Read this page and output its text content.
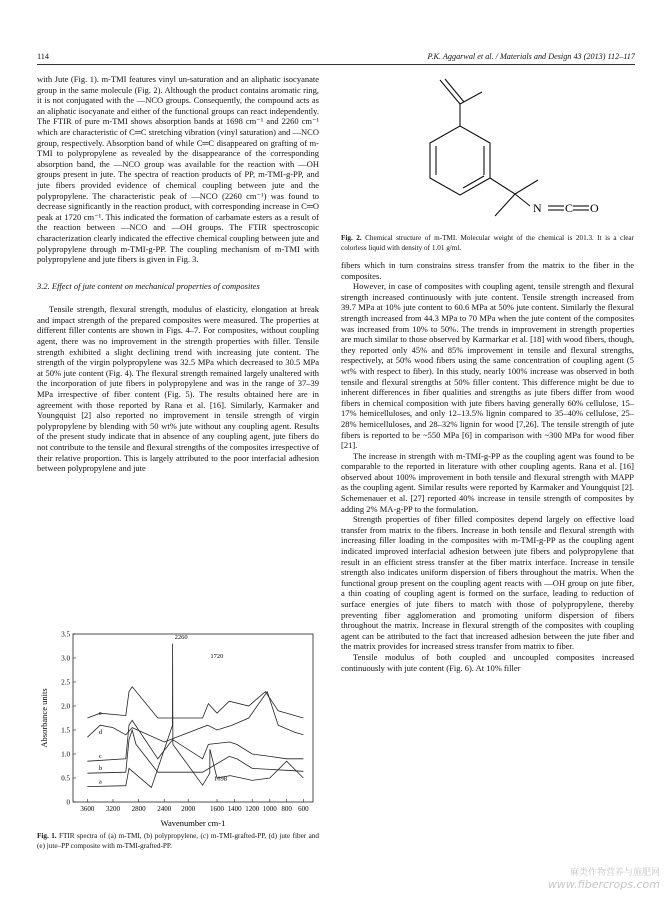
114	P.K. Aggarwal et al. / Materials and Design 43 (2013) 112–117

with Jute (Fig. 1). m-TMI features vinyl un-saturation and an aliphatic isocyanate group in the same molecule (Fig. 2). Although the product contains aromatic ring, it is not conjugated with the —NCO groups. Consequently, the compound acts as an aliphatic isocyanate and either of the functional groups can react independently. The FTIR of pure m-TMI shows absorption bands at 1698 cm⁻¹ and 2260 cm⁻¹ which are characteristic of C═C stretching vibration (vinyl saturation) and —NCO group, respectively. Absorption band of while C═C disappeared on grafting of m-TMI to polypropylene as revealed by the disappearance of the corresponding absorption band, the —NCO group was available for the reaction with —OH groups present in jute. The spectra of reaction products of PP, m-TMI-g-PP, and jute fibers provided evidence of chemical coupling between jute and the polypropylene. The characteristic peak of —NCO (2260 cm⁻¹) was found to decrease significantly in the reaction product, with corresponding increase in C═O peak at 1720 cm⁻¹. This indicated the formation of carbamate esters as a result of the reaction between —NCO and —OH groups. The FTIR spectroscopic characterization clearly indicated the effective chemical coupling between jute and polypropylene through m-TMI-g-PP. The coupling mechanism of m-TMI with polypropylene and jute fibers is given in Fig. 3.

3.2. Effect of jute content on mechanical properties of composites

Tensile strength, flexural strength, modulus of elasticity, elongation at break and impact strength of the prepared composites were measured. The properties at different filler contents are shown in Figs. 4–7. For composites, without coupling agent, there was no improvement in the strength properties with filler. Tensile strength exhibited a slight declining trend with increasing jute content. The strength of the virgin polypropylene was 32.5 MPa which decreased to 30.5 MPa at 50% jute content (Fig. 4). The flexural strength remained largely unaltered with the incorporation of jute fibers in polypropylene and was in the range of 37–39 MPa irrespective of fiber content (Fig. 5). The results obtained here are in agreement with those reported by Rana et al. [16]. Similarly, Karmaker and Youngquist [2] also reported no improvement in tensile strength of virgin polypropylene by blending with 50 wt% jute without any coupling agent. Results of the present study indicate that in absence of any coupling agent, jute fibers do not contribute to the tensile and flexural strengths of the composites irrespective of their relative proportion. This is largely attributed to the poor interfacial adhesion between polypropylene and jute

N C O
Fig. 2. Chemical structure of m-TMI. Molecular weight of the chemical is 201.3. It is a clear colorless liquid with density of 1.01 g/ml.

fibers which in turn constrains stress transfer from the matrix to the fiber in the composites.

However, in case of composites with coupling agent, tensile strength and flexural strength increased continuously with jute content. Tensile strength increased from 39.7 MPa at 10% jute content to 60.6 MPa at 50% jute content. Similarly the flexural strength increased from 44.3 MPa to 70 MPa when the jute content of the composites was increased from 10% to 50%. The trends in improvement in strength properties are much similar to those observed by Karmarkar et al. [18] with wood fibers, though, they reported only 45% and 85% improvement in tensile and flexural strengths, respectively, at 50% wood fibers using the same concentration of coupling agent (5 wt% with respect to fiber). In this study, nearly 100% increase was observed in both tensile and flexural strengths at 50% filler content. This difference might be due to inherent differences in fiber qualities and strengths as jute fibers differ from wood fibers in chemical composition with jute fibers having generally 60% cellulose, 15–17% hemicelluloses, and only 12–13.5% lignin compared to 35–40% cellulose, 25–28% hemicelluloses, and 28–32% lignin for wood [7,26]. The tensile strength of jute fibers is reported to be ~550 MPa [6] in comparison with ~300 MPa for wood fiber [21].

The increase in strength with m-TMI-g-PP as the coupling agent was found to be comparable to the reported in literature with other coupling agents. Rana et al. [16] observed about 100% improvement in both tensile and flexural strength with MAPP as the coupling agent. Similar results were reported by Karmaker and Youngquist [2]. Schemenauer et al. [27] reported 40% increase in tensile strength of composites by adding 2% MA-g-PP to the formulation.

Strength properties of fiber filled composites depend largely on effective load transfer from matrix to the fibers. Increase in both tensile and flexural strength with increasing filler loading in the composites with m-TMI-g-PP as the coupling agent indicated improved interfacial adhesion between jute fibers and polypropylene that result in an efficient stress transfer at the fiber matrix interface. Increase in tensile strength also indicates uniform dispersion of fibers throughout the matrix. When the functional group present on the coupling agent reacts with —OH group on jute fiber, a thin coating of coupling agent is formed on the surface, leading to reduction of surface energies of jute fibers to match with those of polypropylene, thereby preventing fiber agglomeration and promoting uniform dispersion of fibers throughout the matrix. Increase in flexural strength of the composites with coupling agent can be attributed to the fact that increased adhesion between the jute fiber and the matrix provides for increased stress transfer from matrix to fiber.

Tensile modulus of both coupled and uncoupled composites increased continuously with jute content (Fig. 6). At 10% filler

0
0.5
1.0
1.5
2.0
2.5
3.0
3.5
3600 3200 2800 2400 2000 1600 1400 1200 1000 800 600
a
b
c
d
e
2260
1720
1698
Absorbance units
Wavenumber cm-1
Fig. 1. FTIR spectra of (a) m-TMI, (b) polypropylene, (c) m-TMI-grafted-PP, (d) jute fiber and (e) jute–PP composite with m-TMI-grafted-PP.
麻类作物营养与施肥网
www.fibercrops.com
